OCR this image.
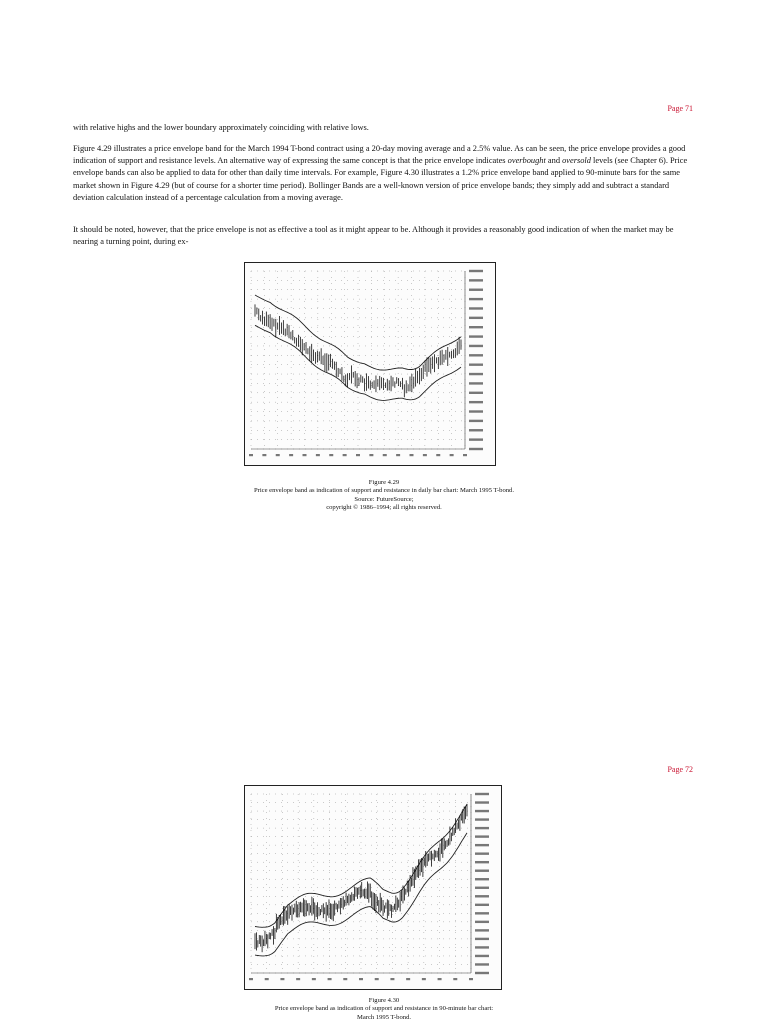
Page 71

with relative highs and the lower boundary approximately coinciding with relative lows.

Figure 4.29 illustrates a price envelope band for the March 1994 T-bond contract using a 20-day moving average and a 2.5% value. As can be seen, the price envelope provides a good indication of support and resistance levels. An alternative way of expressing the same concept is that the price envelope indicates overbought and oversold levels (see Chapter 6). Price envelope bands can also be applied to data for other than daily time intervals. For example, Figure 4.30 illustrates a 1.2% price envelope band applied to 90-minute bars for the same market shown in Figure 4.29 (but of course for a shorter time period). Bollinger Bands are a well-known version of price envelope bands; they simply add and subtract a standard deviation calculation instead of a percentage calculation from a moving average.

It should be noted, however, that the price envelope is not as effective a tool as it might appear to be. Although it provides a reasonably good indication of when the market may be nearing a turning point, during ex-

Figure 4.29
Price envelope band as indication of support and resistance in daily bar chart: March 1995 T-bond.
Source: FutureSource;
copyright © 1986–1994; all rights reserved.
Page 72
Figure 4.30
Price envelope band as indication of support and resistance in 90-minute bar chart:
March 1995 T-bond.
